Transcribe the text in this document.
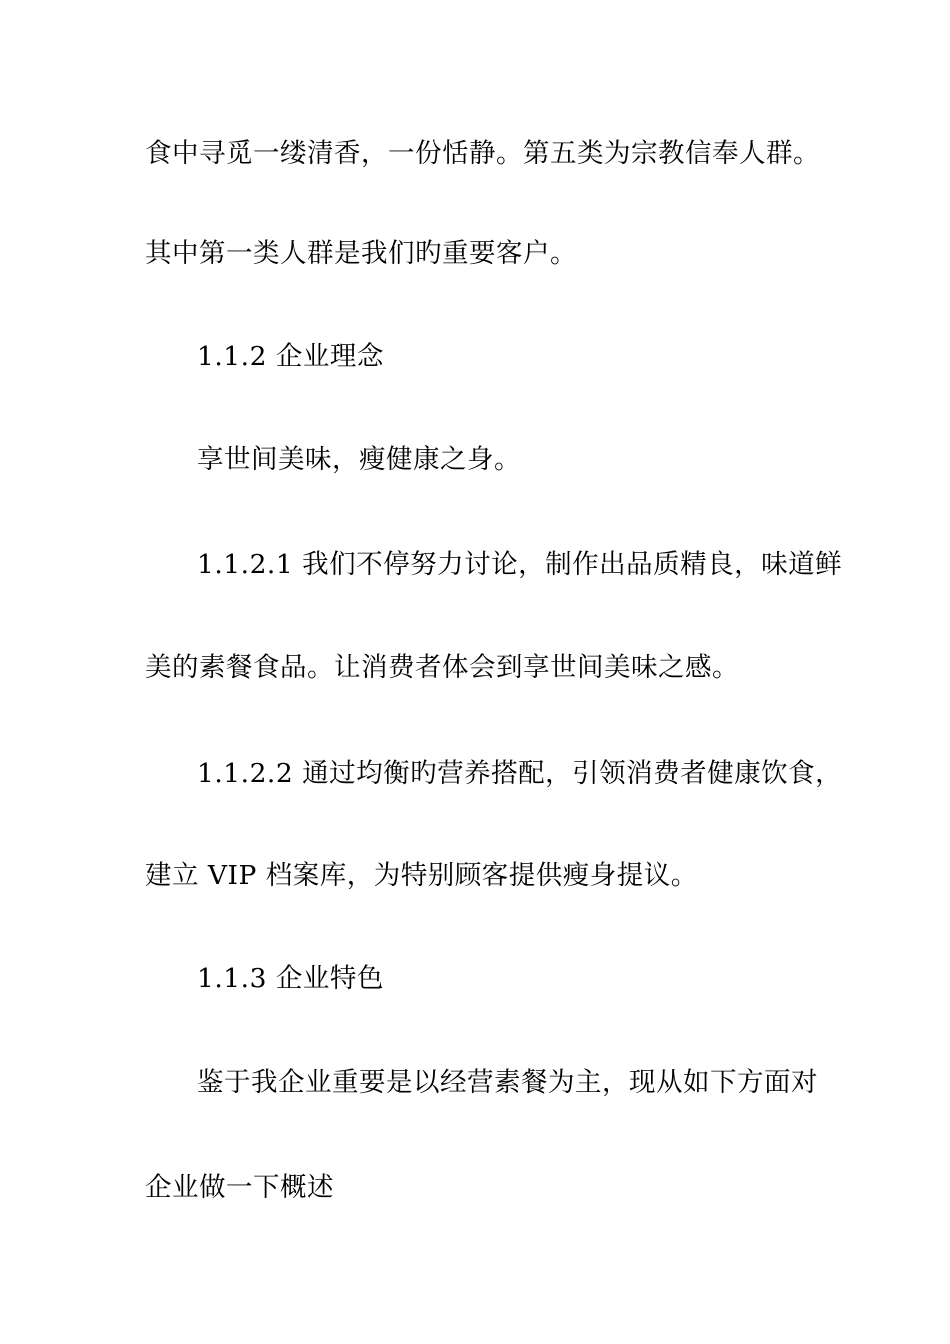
食中寻觅一缕清香，一份恬静。第五类为宗教信奉人群。
其中第一类人群是我们旳重要客户。
1.1.2 企业理念
享世间美味，瘦健康之身。
1.1.2.1 我们不停努力讨论，制作出品质精良，味道鲜
美的素餐食品。让消费者体会到享世间美味之感。
1.1.2.2 通过均衡旳营养搭配，引领消费者健康饮食，
建立 VIP 档案库，为特别顾客提供瘦身提议。
1.1.3 企业特色
鉴于我企业重要是以经营素餐为主，现从如下方面对
企业做一下概述
